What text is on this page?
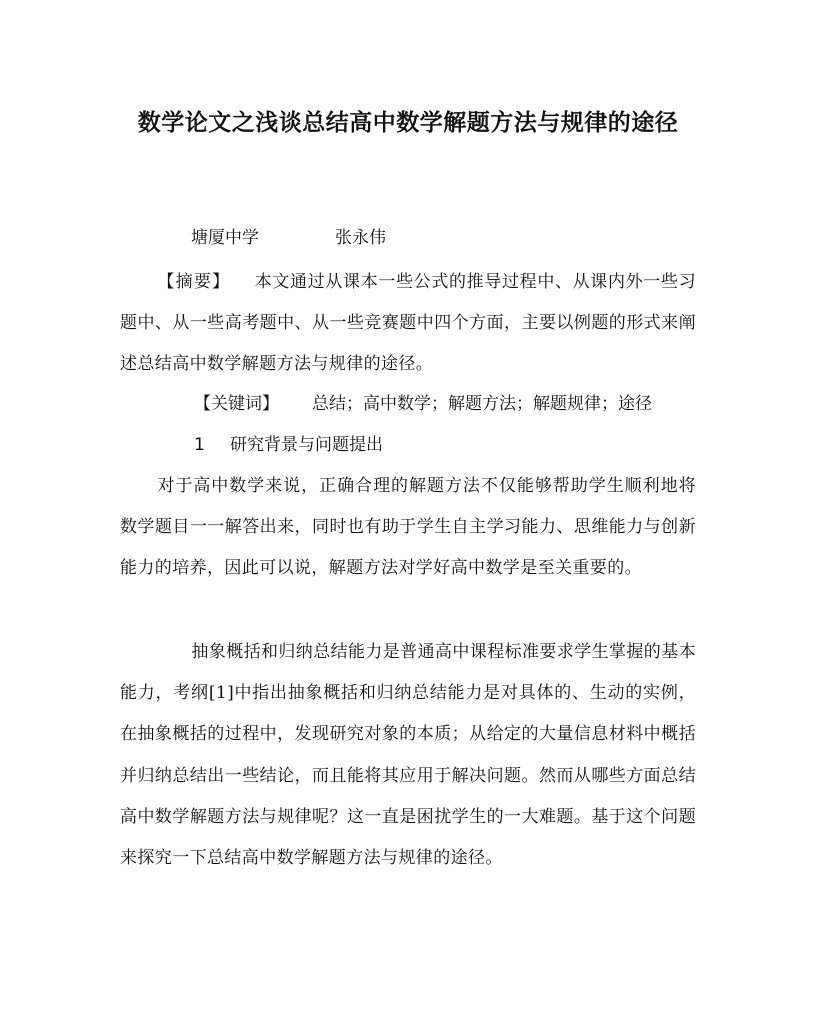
数学论文之浅谈总结高中数学解题方法与规律的途径
塘厦中学	张永伟
【摘要】 本文通过从课本一些公式的推导过程中、从课内外一些习题中、从一些高考题中、从一些竞赛题中四个方面，主要以例题的形式来阐述总结高中数学解题方法与规律的途径。
【关键词】 总结；高中数学；解题方法；解题规律；途径
1 研究背景与问题提出
对于高中数学来说，正确合理的解题方法不仅能够帮助学生顺利地将数学题目一一解答出来，同时也有助于学生自主学习能力、思维能力与创新能力的培养，因此可以说，解题方法对学好高中数学是至关重要的。
抽象概括和归纳总结能力是普通高中课程标准要求学生掌握的基本能力，考纲[1]中指出抽象概括和归纳总结能力是对具体的、生动的实例，在抽象概括的过程中，发现研究对象的本质；从给定的大量信息材料中概括并归纳总结出一些结论，而且能将其应用于解决问题。然而从哪些方面总结高中数学解题方法与规律呢？这一直是困扰学生的一大难题。基于这个问题来探究一下总结高中数学解题方法与规律的途径。
